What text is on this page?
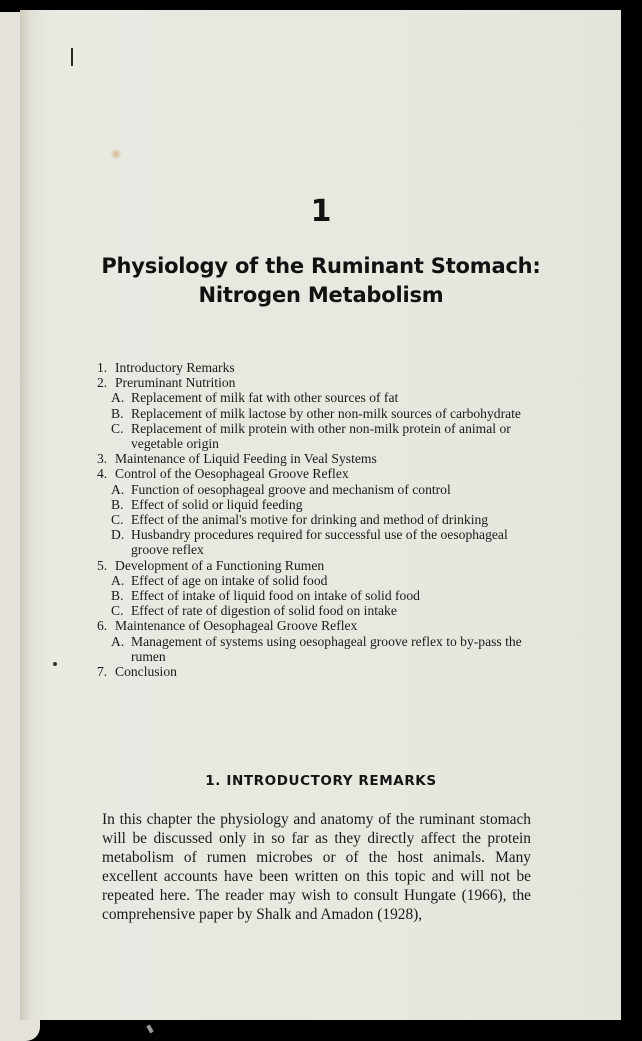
1
Physiology of the Ruminant Stomach:
Nitrogen Metabolism
1. Introductory Remarks
2. Preruminant Nutrition
A. Replacement of milk fat with other sources of fat
B. Replacement of milk lactose by other non-milk sources of carbohydrate
C. Replacement of milk protein with other non-milk protein of animal or vegetable origin
3. Maintenance of Liquid Feeding in Veal Systems
4. Control of the Oesophageal Groove Reflex
A. Function of oesophageal groove and mechanism of control
B. Effect of solid or liquid feeding
C. Effect of the animal's motive for drinking and method of drinking
D. Husbandry procedures required for successful use of the oesophageal groove reflex
5. Development of a Functioning Rumen
A. Effect of age on intake of solid food
B. Effect of intake of liquid food on intake of solid food
C. Effect of rate of digestion of solid food on intake
6. Maintenance of Oesophageal Groove Reflex
A. Management of systems using oesophageal groove reflex to by-pass the rumen
7. Conclusion
1. INTRODUCTORY REMARKS
In this chapter the physiology and anatomy of the ruminant stomach will be discussed only in so far as they directly affect the protein metabolism of rumen microbes or of the host animals. Many excellent accounts have been written on this topic and will not be repeated here. The reader may wish to consult Hungate (1966), the comprehensive paper by Shalk and Amadon (1928),
